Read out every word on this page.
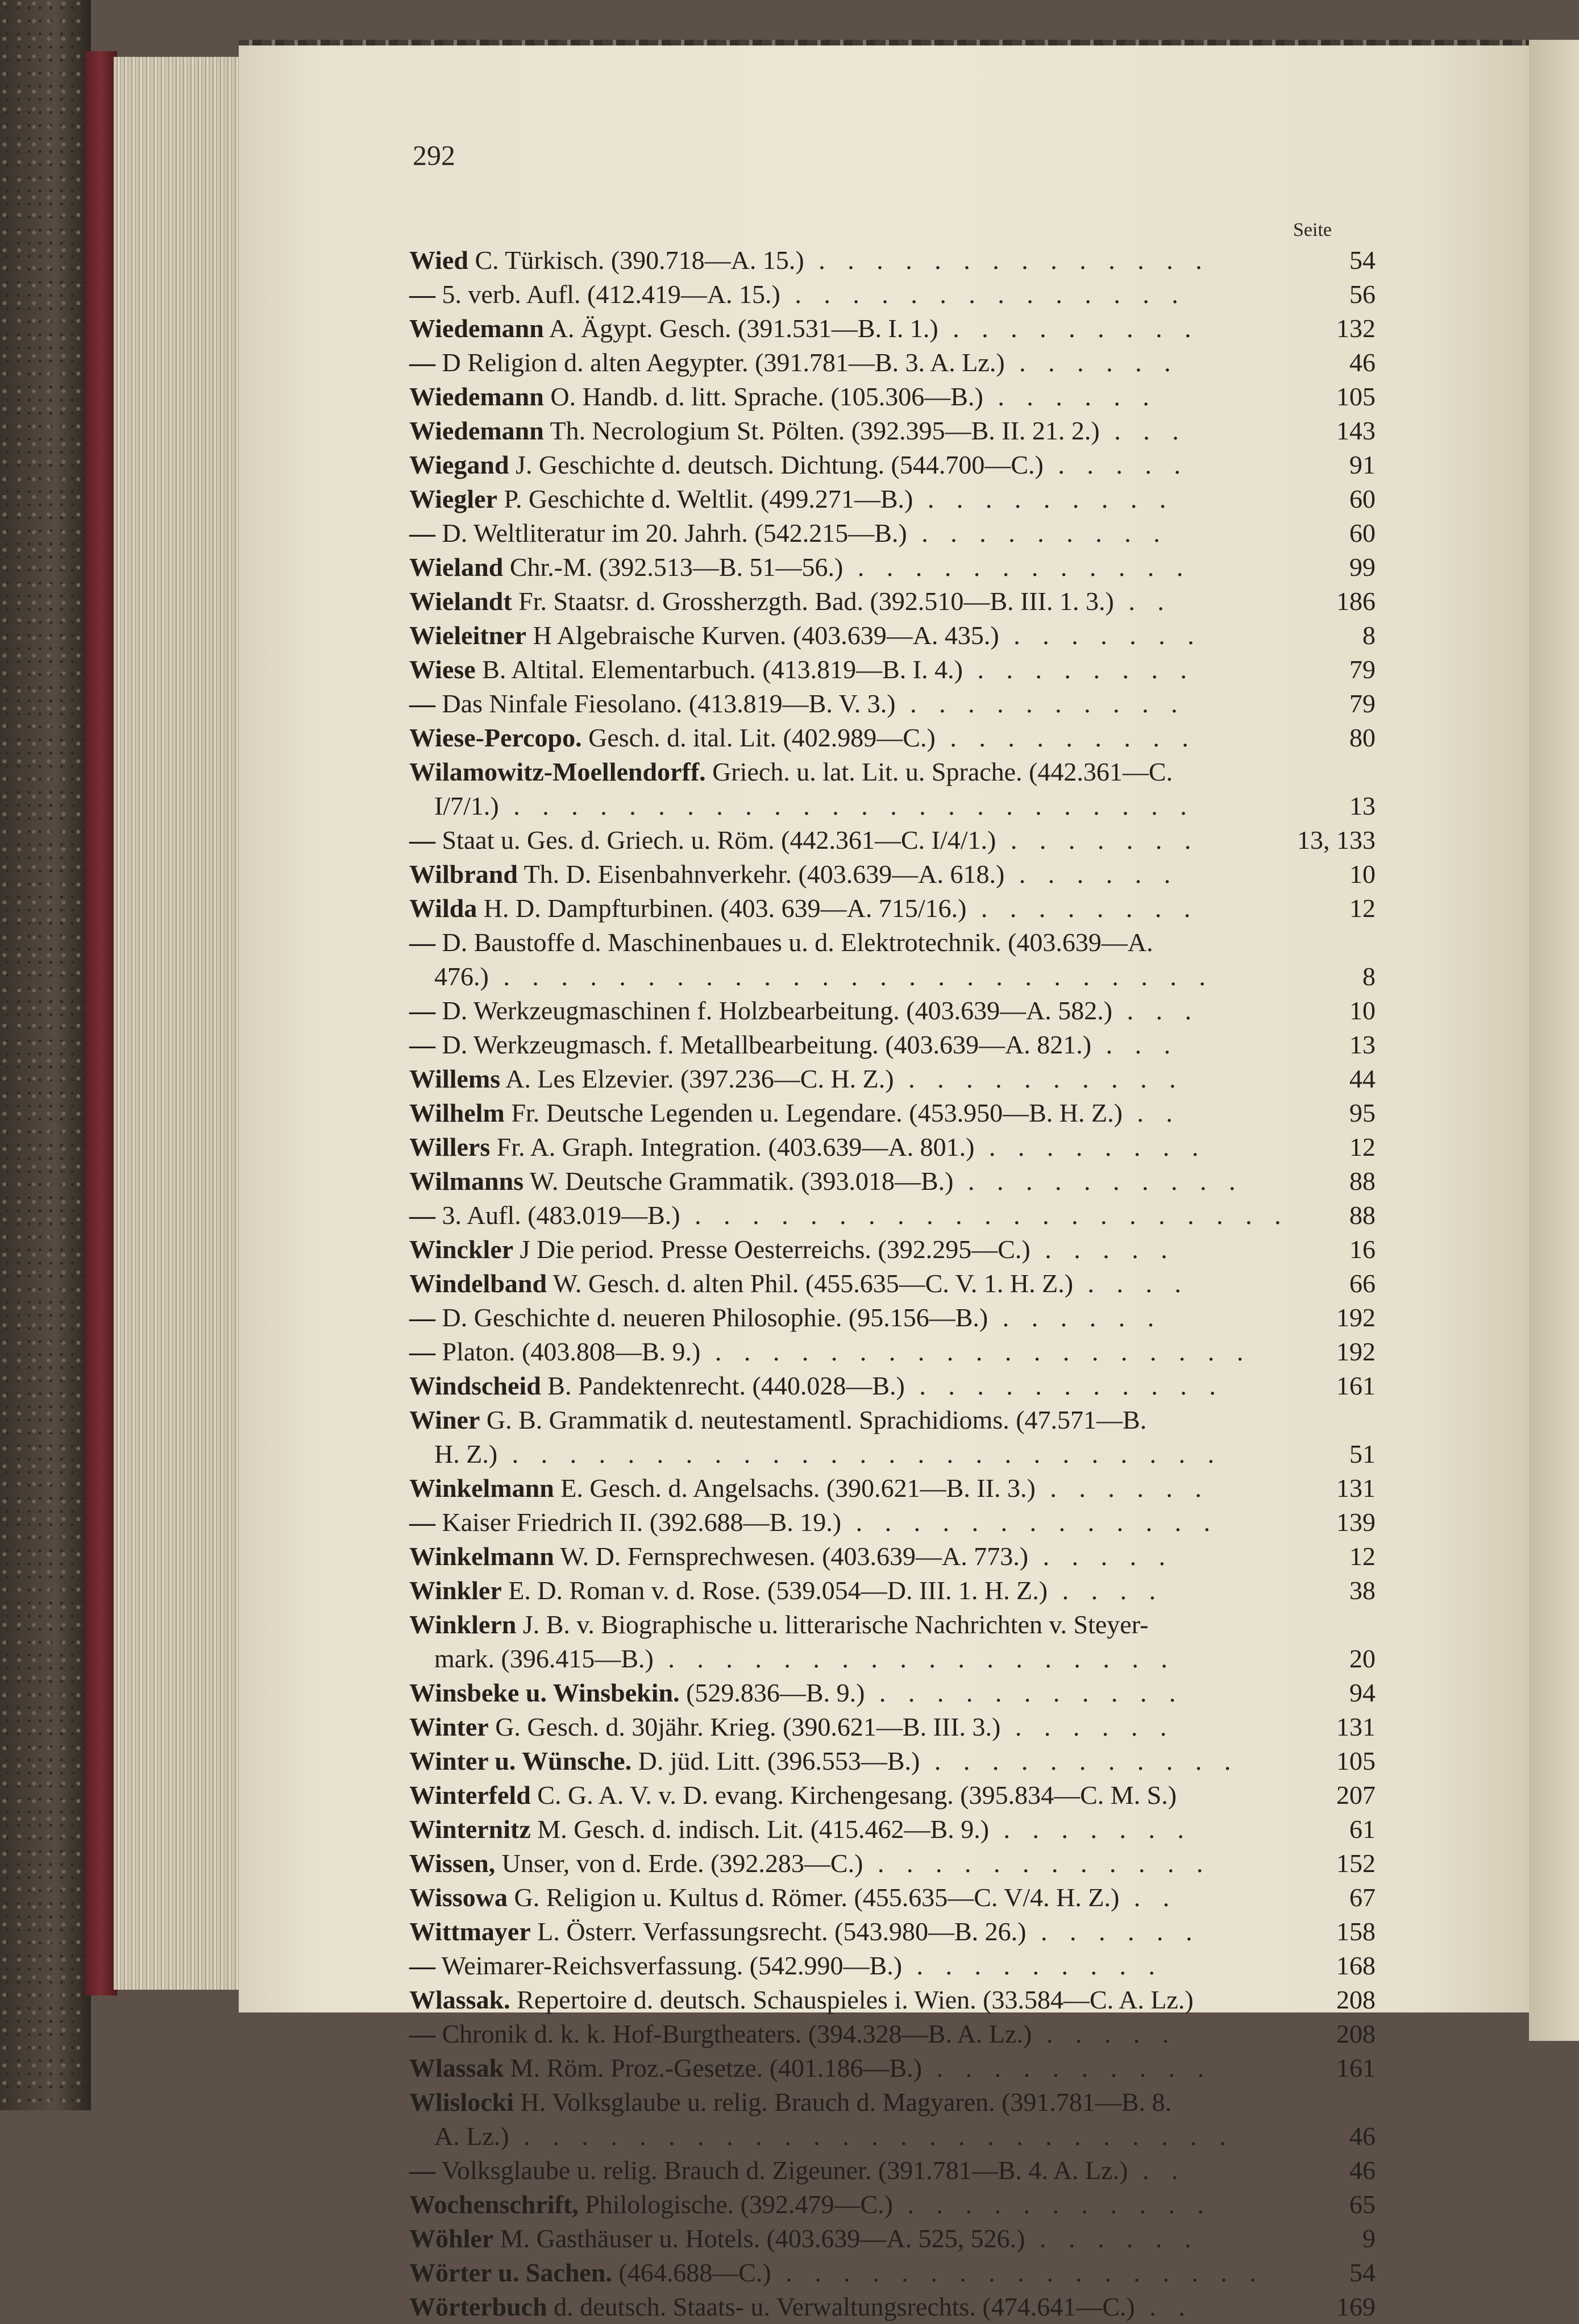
292
Seite
Wied C. Türkisch. (390.718—A. 15.) . . . . . . . . . . . . . .	54
— 5. verb. Aufl. (412.419—A. 15.) . . . . . . . . . . . . . .	56
Wiedemann A. Ägypt. Gesch. (391.531—B. I. 1.) . . . . . . . . .	132
— D Religion d. alten Aegypter. (391.781—B. 3. A. Lz.) . . . . . .	46
Wiedemann O. Handb. d. litt. Sprache. (105.306—B.) . . . . . .	105
Wiedemann Th. Necrologium St. Pölten. (392.395—B. II. 21. 2.) . . .	143
Wiegand J. Geschichte d. deutsch. Dichtung. (544.700—C.) . . . . .	91
Wiegler P. Geschichte d. Weltlit. (499.271—B.) . . . . . . . . .	60
— D. Weltliteratur im 20. Jahrh. (542.215—B.) . . . . . . . . .	60
Wieland Chr.-M. (392.513—B. 51—56.) . . . . . . . . . . . .	99
Wielandt Fr. Staatsr. d. Grossherzgth. Bad. (392.510—B. III. 1. 3.) . .	186
Wieleitner H Algebraische Kurven. (403.639—A. 435.) . . . . . . .	8
Wiese B. Altital. Elementarbuch. (413.819—B. I. 4.) . . . . . . . .	79
— Das Ninfale Fiesolano. (413.819—B. V. 3.) . . . . . . . . . .	79
Wiese-Percopo. Gesch. d. ital. Lit. (402.989—C.) . . . . . . . . .	80
Wilamowitz-Moellendorff. Griech. u. lat. Lit. u. Sprache. (442.361—C.
I/7/1.) . . . . . . . . . . . . . . . . . . . . . . . .	13
— Staat u. Ges. d. Griech. u. Röm. (442.361—C. I/4/1.) . . . . . . .	13, 133
Wilbrand Th. D. Eisenbahnverkehr. (403.639—A. 618.) . . . . . .	10
Wilda H. D. Dampfturbinen. (403. 639—A. 715/16.) . . . . . . . .	12
— D. Baustoffe d. Maschinenbaues u. d. Elektrotechnik. (403.639—A.
476.) . . . . . . . . . . . . . . . . . . . . . . . . .	8
— D. Werkzeugmaschinen f. Holzbearbeitung. (403.639—A. 582.) . . .	10
— D. Werkzeugmasch. f. Metallbearbeitung. (403.639—A. 821.) . . .	13
Willems A. Les Elzevier. (397.236—C. H. Z.) . . . . . . . . . .	44
Wilhelm Fr. Deutsche Legenden u. Legendare. (453.950—B. H. Z.) . .	95
Willers Fr. A. Graph. Integration. (403.639—A. 801.) . . . . . . . .	12
Wilmanns W. Deutsche Grammatik. (393.018—B.) . . . . . . . . . .	88
— 3. Aufl. (483.019—B.) . . . . . . . . . . . . . . . . . . . . . 88
Winckler J Die period. Presse Oesterreichs. (392.295—C.) . . . . .	16
Windelband W. Gesch. d. alten Phil. (455.635—C. V. 1. H. Z.) . . . .	66
— D. Geschichte d. neueren Philosophie. (95.156—B.) . . . . . .	192
— Platon. (403.808—B. 9.) . . . . . . . . . . . . . . . . . . .	192
Windscheid B. Pandektenrecht. (440.028—B.) . . . . . . . . . . .	161
Winer G. B. Grammatik d. neutestamentl. Sprachidioms. (47.571—B.
H. Z.) . . . . . . . . . . . . . . . . . . . . . . . . .	51
Winkelmann E. Gesch. d. Angelsachs. (390.621—B. II. 3.) . . . . . .	131
— Kaiser Friedrich II. (392.688—B. 19.) . . . . . . . . . . . . .	139
Winkelmann W. D. Fernsprechwesen. (403.639—A. 773.) . . . . .	12
Winkler E. D. Roman v. d. Rose. (539.054—D. III. 1. H. Z.) . . . .	38
Winklern J. B. v. Biographische u. litterarische Nachrichten v. Steyer-
mark. (396.415—B.) . . . . . . . . . . . . . . . . . .	20
Winsbeke u. Winsbekin. (529.836—B. 9.) . . . . . . . . . . .	94
Winter G. Gesch. d. 30jähr. Krieg. (390.621—B. III. 3.) . . . . . .	131
Winter u. Wünsche. D. jüd. Litt. (396.553—B.) . . . . . . . . . . .	105
Winterfeld C. G. A. V. v. D. evang. Kirchengesang. (395.834—C. M. S.)	207
Winternitz M. Gesch. d. indisch. Lit. (415.462—B. 9.) . . . . . . .	61
Wissen, Unser, von d. Erde. (392.283—C.) . . . . . . . . . . . .	152
Wissowa G. Religion u. Kultus d. Römer. (455.635—C. V/4. H. Z.) . .	67
Wittmayer L. Österr. Verfassungsrecht. (543.980—B. 26.) . . . . . .	158
— Weimarer-Reichsverfassung. (542.990—B.) . . . . . . . . .	168
Wlassak. Repertoire d. deutsch. Schauspieles i. Wien. (33.584—C. A. Lz.)	208
— Chronik d. k. k. Hof-Burgtheaters. (394.328—B. A. Lz.) . . . . .	208
Wlassak M. Röm. Proz.-Gesetze. (401.186—B.) . . . . . . . . . .	161
Wlislocki H. Volksglaube u. relig. Brauch d. Magyaren. (391.781—B. 8.
A. Lz.) . . . . . . . . . . . . . . . . . . . . . . . . .	46
— Volksglaube u. relig. Brauch d. Zigeuner. (391.781—B. 4. A. Lz.) . .	46
Wochenschrift, Philologische. (392.479—C.) . . . . . . . . . . .	65
Wöhler M. Gasthäuser u. Hotels. (403.639—A. 525, 526.) . . . . . .	9
Wörter u. Sachen. (464.688—C.) . . . . . . . . . . . . . . . . .	54
Wörterbuch d. deutsch. Staats- u. Verwaltungsrechts. (474.641—C.) . .	169
